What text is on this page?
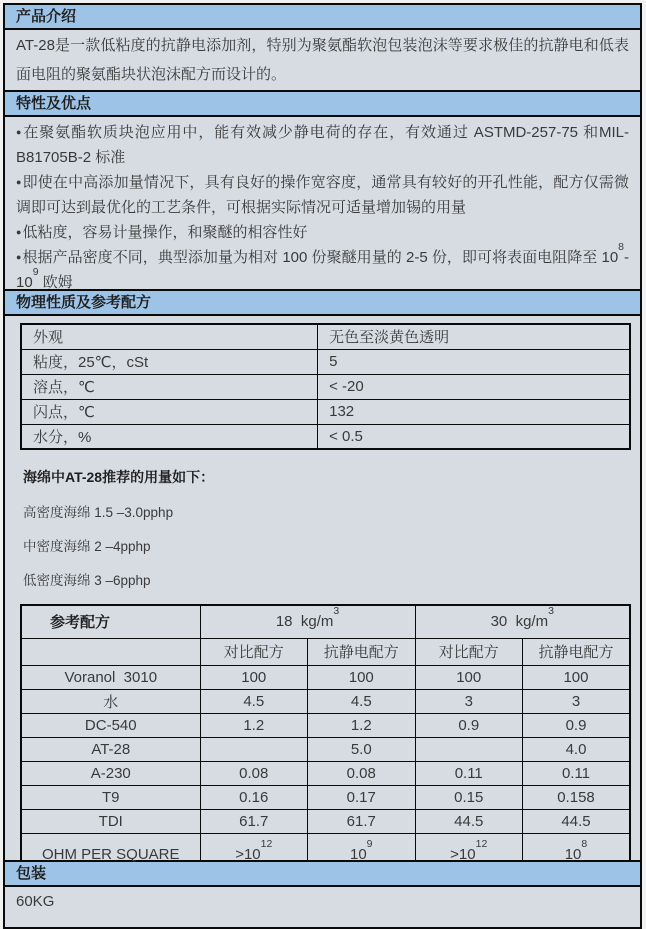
产品介绍

AT-28是一款低粘度的抗静电添加剂，特别为聚氨酯软泡包装泡沫等要求极佳的抗静电和低表面电阻的聚氨酯块状泡沫配方而设计的。

特性及优点

●在聚氨酯软质块泡应用中，能有效减少静电荷的存在，有效通过 ASTMD-257-75 和MIL-B81705B-2 标准

●即使在中高添加量情况下，具有良好的操作宽容度，通常具有较好的开孔性能，配方仅需微调即可达到最优化的工艺条件，可根据实际情况可适量增加锡的用量

●低粘度，容易计量操作，和聚醚的相容性好

●根据产品密度不同，典型添加量为相对 100 份聚醚用量的 2-5 份，即可将表面电阻降至 $10^8-10^9$ 欧姆

物理性质及参考配方
外观	无色至淡黄色透明
粘度，25℃，cSt	5
溶点，℃	< -20
闪点，℃	132
水分，%	< 0.5

海绵中AT-28推荐的用量如下：

高密度海绵 1.5 –3.0pphp

中密度海绵 2 –4pphp

低密度海绵 3 –6pphp

参考配方	18  $kg/m^3$		30  $kg/m^3$
	对比配方	抗静电配方	对比配方	抗静电配方
Voranol  3010	100	100	100	100
水	4.5	4.5	3	3
DC-540	1.2	1.2	0.9	0.9
AT-28		5.0		4.0
A-230	0.08	0.08	0.11	0.11
T9	0.16	0.17	0.15	0.158
TDI	61.7	61.7	44.5	44.5
OHM PER SQUARE	$>10^{12}$	$10^9$	$>10^{12}$	$10^8$
包装

60KG
